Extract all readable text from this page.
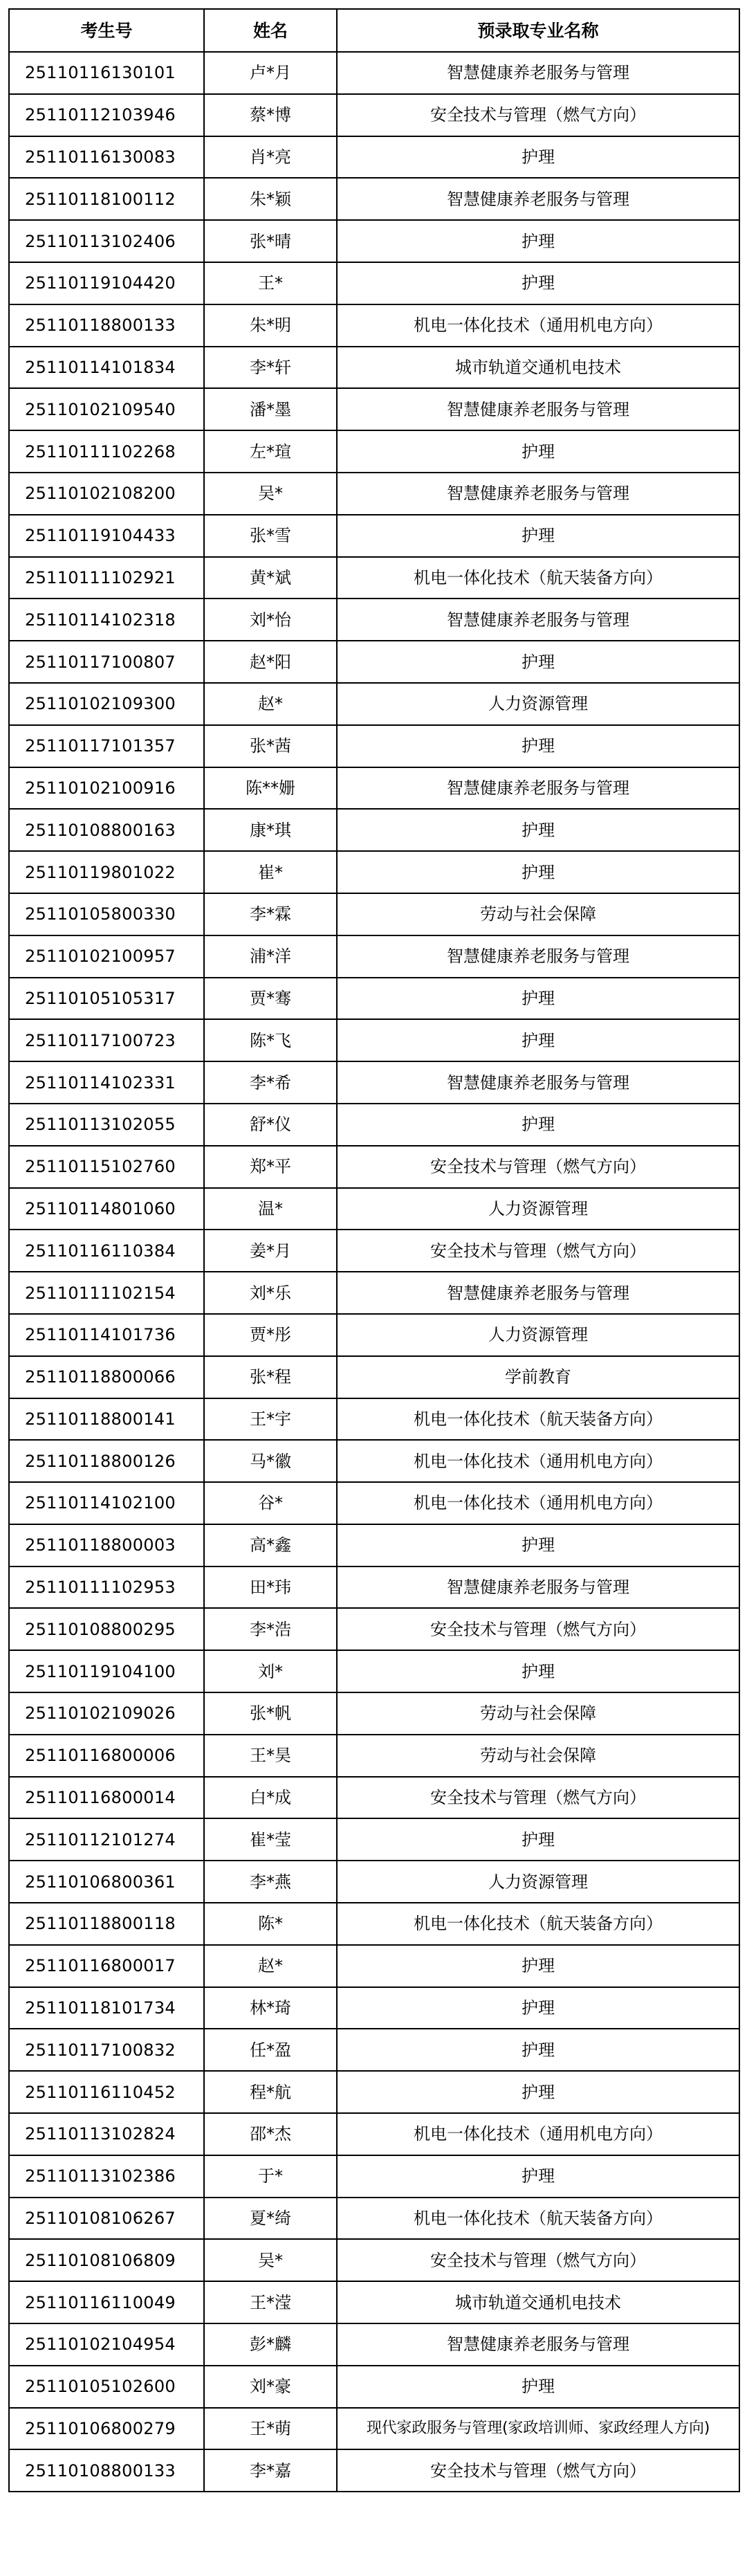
考生号	姓名	预录取专业名称
25110116130101	卢*月	智慧健康养老服务与管理
25110112103946	蔡*博	安全技术与管理（燃气方向）
25110116130083	肖*亮	护理
25110118100112	朱*颖	智慧健康养老服务与管理
25110113102406	张*晴	护理
25110119104420	王*	护理
25110118800133	朱*明	机电一体化技术（通用机电方向）
25110114101834	李*轩	城市轨道交通机电技术
25110102109540	潘*墨	智慧健康养老服务与管理
25110111102268	左*瑄	护理
25110102108200	吴*	智慧健康养老服务与管理
25110119104433	张*雪	护理
25110111102921	黄*斌	机电一体化技术（航天装备方向）
25110114102318	刘*怡	智慧健康养老服务与管理
25110117100807	赵*阳	护理
25110102109300	赵*	人力资源管理
25110117101357	张*茜	护理
25110102100916	陈**姗	智慧健康养老服务与管理
25110108800163	康*琪	护理
25110119801022	崔*	护理
25110105800330	李*霖	劳动与社会保障
25110102100957	浦*洋	智慧健康养老服务与管理
25110105105317	贾*骞	护理
25110117100723	陈*飞	护理
25110114102331	李*希	智慧健康养老服务与管理
25110113102055	舒*仪	护理
25110115102760	郑*平	安全技术与管理（燃气方向）
25110114801060	温*	人力资源管理
25110116110384	姜*月	安全技术与管理（燃气方向）
25110111102154	刘*乐	智慧健康养老服务与管理
25110114101736	贾*彤	人力资源管理
25110118800066	张*程	学前教育
25110118800141	王*宇	机电一体化技术（航天装备方向）
25110118800126	马*徽	机电一体化技术（通用机电方向）
25110114102100	谷*	机电一体化技术（通用机电方向）
25110118800003	高*鑫	护理
25110111102953	田*玮	智慧健康养老服务与管理
25110108800295	李*浩	安全技术与管理（燃气方向）
25110119104100	刘*	护理
25110102109026	张*帆	劳动与社会保障
25110116800006	王*昊	劳动与社会保障
25110116800014	白*成	安全技术与管理（燃气方向）
25110112101274	崔*莹	护理
25110106800361	李*燕	人力资源管理
25110118800118	陈*	机电一体化技术（航天装备方向）
25110116800017	赵*	护理
25110118101734	林*琦	护理
25110117100832	任*盈	护理
25110116110452	程*航	护理
25110113102824	邵*杰	机电一体化技术（通用机电方向）
25110113102386	于*	护理
25110108106267	夏*绮	机电一体化技术（航天装备方向）
25110108106809	吴*	安全技术与管理（燃气方向）
25110116110049	王*滢	城市轨道交通机电技术
25110102104954	彭*麟	智慧健康养老服务与管理
25110105102600	刘*豪	护理
25110106800279	王*萌	现代家政服务与管理(家政培训师、家政经理人方向)
25110108800133	李*嘉	安全技术与管理（燃气方向）
